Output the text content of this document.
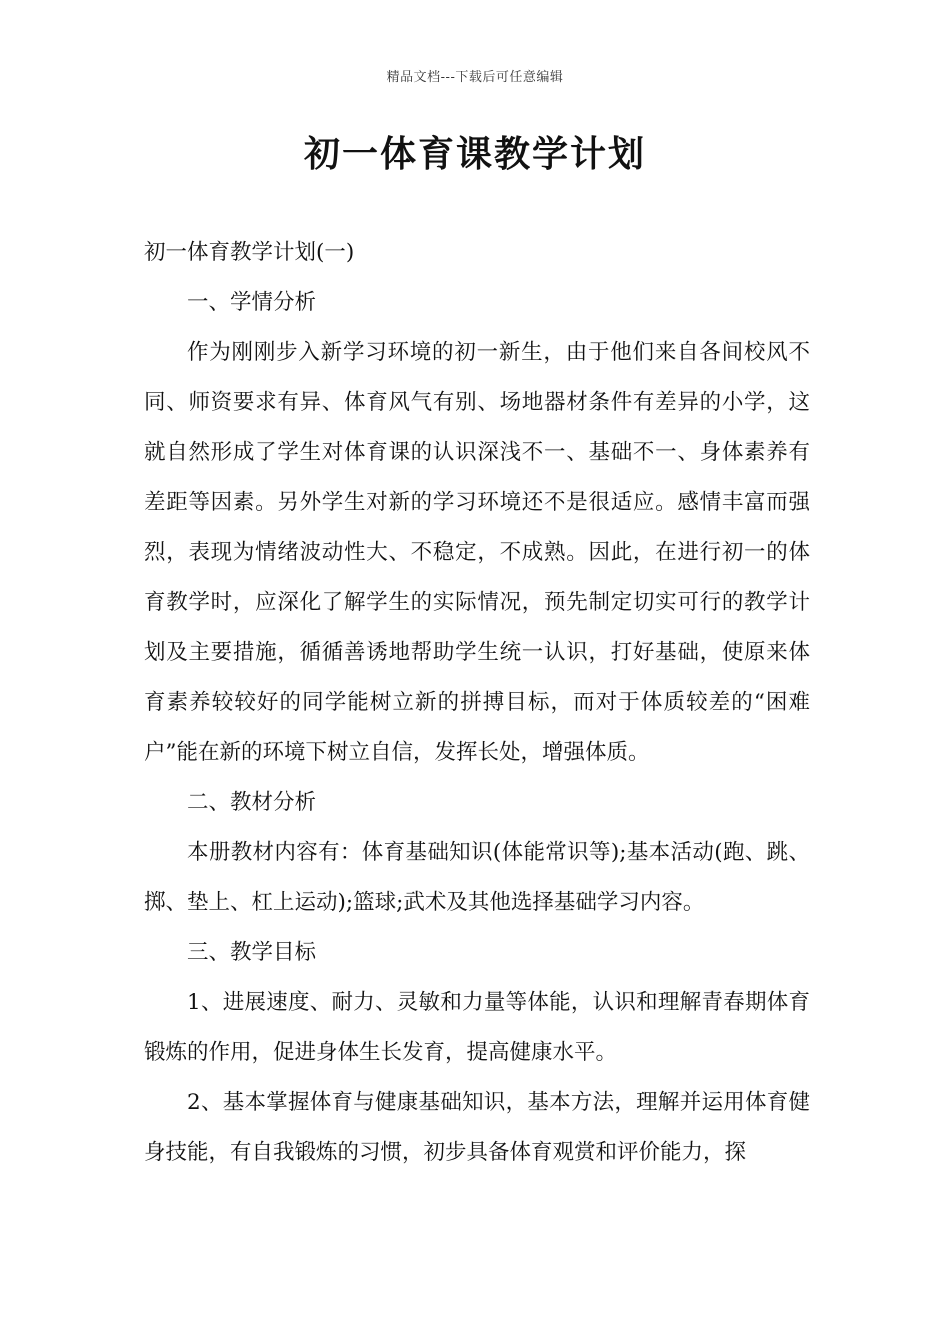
精品文档---下载后可任意编辑
初一体育课教学计划

初一体育教学计划(一)

一、学情分析

作为刚刚步入新学习环境的初一新生，由于他们来自各间校风不同、师资要求有异、体育风气有别、场地器材条件有差异的小学，这就自然形成了学生对体育课的认识深浅不一、基础不一、身体素养有差距等因素。另外学生对新的学习环境还不是很适应。感情丰富而强烈，表现为情绪波动性大、不稳定，不成熟。因此，在进行初一的体育教学时，应深化了解学生的实际情况，预先制定切实可行的教学计划及主要措施，循循善诱地帮助学生统一认识，打好基础，使原来体育素养较较好的同学能树立新的拼搏目标，而对于体质较差的“困难户”能在新的环境下树立自信，发挥长处，增强体质。

二、教材分析

本册教材内容有：体育基础知识(体能常识等);基本活动(跑、跳、掷、垫上、杠上运动);篮球;武术及其他选择基础学习内容。

三、教学目标

1、进展速度、耐力、灵敏和力量等体能，认识和理解青春期体育锻炼的作用，促进身体生长发育，提高健康水平。

2、基本掌握体育与健康基础知识，基本方法，理解并运用体育健身技能，有自我锻炼的习惯，初步具备体育观赏和评价能力，探
